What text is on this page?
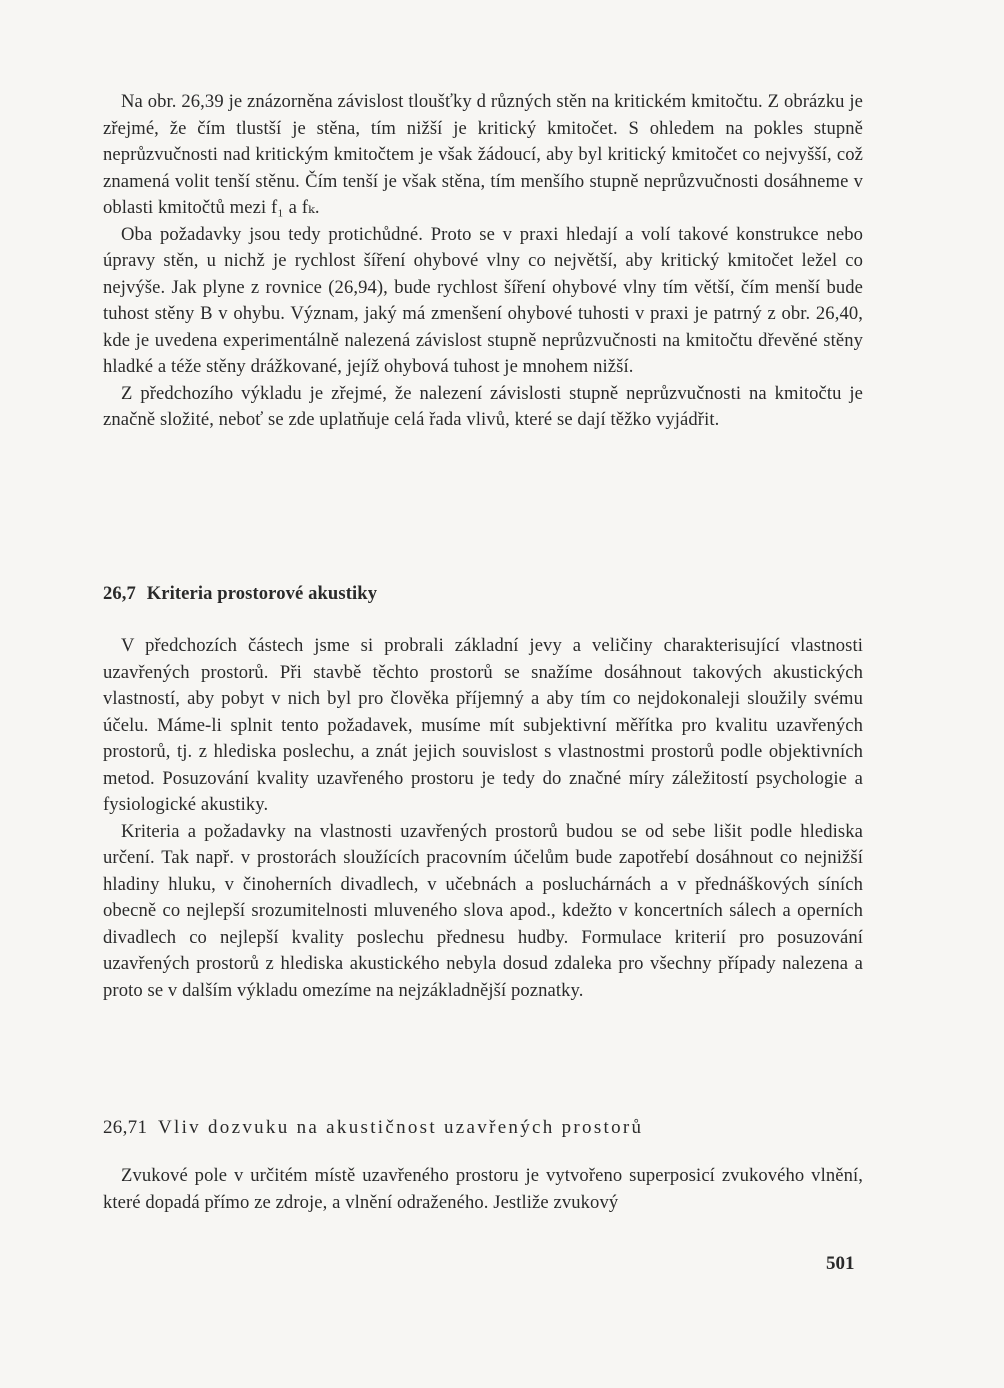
Na obr. 26,39 je znázorněna závislost tloušťky d různých stěn na kritickém kmitočtu. Z obrázku je zřejmé, že čím tlustší je stěna, tím nižší je kritický kmitočet. S ohledem na pokles stupně neprůzvučnosti nad kritickým kmitočtem je však žádoucí, aby byl kritický kmitočet co nejvyšší, což znamená volit tenší stěnu. Čím tenší je však stěna, tím menšího stupně neprůzvučnosti dosáhneme v oblasti kmitočtů mezi f₁ a fₖ.

Oba požadavky jsou tedy protichůdné. Proto se v praxi hledají a volí takové konstrukce nebo úpravy stěn, u nichž je rychlost šíření ohybové vlny co největší, aby kritický kmitočet ležel co nejvýše. Jak plyne z rovnice (26,94), bude rychlost šíření ohybové vlny tím větší, čím menší bude tuhost stěny B v ohybu. Význam, jaký má zmenšení ohybové tuhosti v praxi je patrný z obr. 26,40, kde je uvedena experimentálně nalezená závislost stupně neprůzvučnosti na kmitočtu dřevěné stěny hladké a téže stěny drážkované, jejíž ohybová tuhost je mnohem nižší.

Z předchozího výkladu je zřejmé, že nalezení závislosti stupně neprůzvučnosti na kmitočtu je značně složité, neboť se zde uplatňuje celá řada vlivů, které se dají těžko vyjádřit.

26,7 Kriteria prostorové akustiky

V předchozích částech jsme si probrali základní jevy a veličiny charakterisující vlastnosti uzavřených prostorů. Při stavbě těchto prostorů se snažíme dosáhnout takových akustických vlastností, aby pobyt v nich byl pro člověka příjemný a aby tím co nejdokonaleji sloužily svému účelu. Máme-li splnit tento požadavek, musíme mít subjektivní měřítka pro kvalitu uzavřených prostorů, tj. z hlediska poslechu, a znát jejich souvislost s vlastnostmi prostorů podle objektivních metod. Posuzování kvality uzavřeného prostoru je tedy do značné míry záležitostí psychologie a fysiologické akustiky.

Kriteria a požadavky na vlastnosti uzavřených prostorů budou se od sebe lišit podle hlediska určení. Tak např. v prostorách sloužících pracovním účelům bude zapotřebí dosáhnout co nejnižší hladiny hluku, v činoherních divadlech, v učebnách a posluchárnách a v přednáškových síních obecně co nejlepší srozumitelnosti mluveného slova apod., kdežto v koncertních sálech a operních divadlech co nejlepší kvality poslechu přednesu hudby. Formulace kriterií pro posuzování uzavřených prostorů z hlediska akustického nebyla dosud zdaleka pro všechny případy nalezena a proto se v dalším výkladu omezíme na nejzákladnější poznatky.

26,71 Vliv dozvuku na akustičnost uzavřených prostorů

Zvukové pole v určitém místě uzavřeného prostoru je vytvořeno superposicí zvukového vlnění, které dopadá přímo ze zdroje, a vlnění odraženého. Jestliže zvukový

501
